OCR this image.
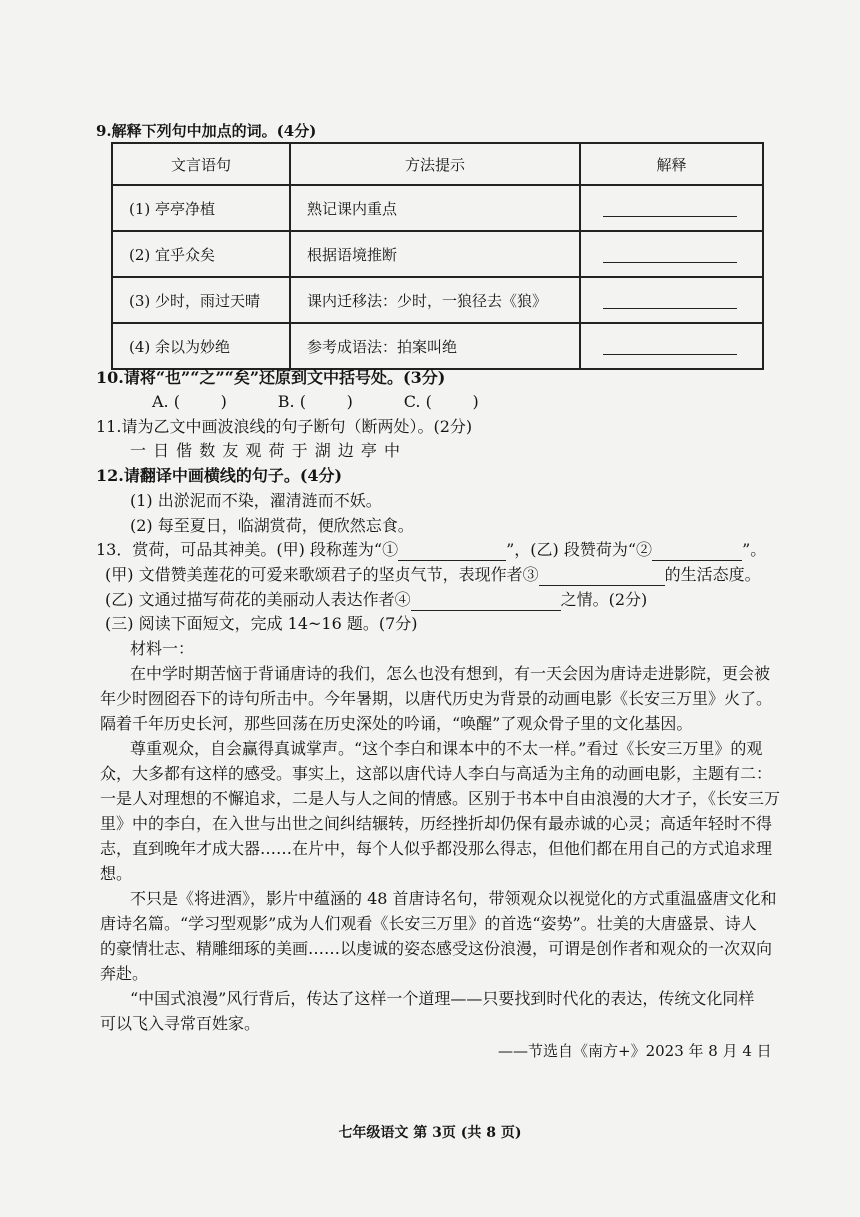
9.解释下列句中加点的词。(4分)
文言语句	方法提示	解释
(1) 亭亭净植	熟记课内重点	
(2) 宜乎众矣	根据语境推断	
(3) 少时，雨过天晴	课内迁移法：少时，一狼径去《狼》	
(4) 余以为妙绝	参考成语法：拍案叫绝	
10.请将“也”“之”“矣”还原到文中括号处。(3分)
A. (        )          B. (        )          C. (        )
11.请为乙文中画波浪线的句子断句（断两处）。(2分)
一 日 偕 数 友 观 荷 于 湖 边 亭 中
12.请翻译中画横线的句子。(4分)
(1) 出淤泥而不染，濯清涟而不妖。
(2) 每至夏日，临湖赏荷，便欣然忘食。
13．赏荷，可品其神美。(甲) 段称莲为“①	”，(乙) 段赞荷为“②	”。
(甲) 文借赞美莲花的可爱来歌颂君子的坚贞气节，表现作者③	的生活态度。
(乙) 文通过描写荷花的美丽动人表达作者④	之情。(2分)
(三) 阅读下面短文，完成 14~16 题。(7分)
材料一：
在中学时期苦恼于背诵唐诗的我们，怎么也没有想到，有一天会因为唐诗走进影院，更会被
年少时囫囵吞下的诗句所击中。今年暑期，以唐代历史为背景的动画电影《长安三万里》火了。
隔着千年历史长河，那些回荡在历史深处的吟诵，“唤醒”了观众骨子里的文化基因。
尊重观众，自会赢得真诚掌声。“这个李白和课本中的不太一样。”看过《长安三万里》的观
众，大多都有这样的感受。事实上，这部以唐代诗人李白与高适为主角的动画电影，主题有二：
一是人对理想的不懈追求，二是人与人之间的情感。区别于书本中自由浪漫的大才子，《长安三万
里》中的李白，在入世与出世之间纠结辗转，历经挫折却仍保有最赤诚的心灵；高适年轻时不得
志，直到晚年才成大器……在片中，每个人似乎都没那么得志，但他们都在用自己的方式追求理
想。
不只是《将进酒》，影片中蕴涵的 48 首唐诗名句，带领观众以视觉化的方式重温盛唐文化和
唐诗名篇。“学习型观影”成为人们观看《长安三万里》的首选“姿势”。壮美的大唐盛景、诗人
的豪情壮志、精雕细琢的美画……以虔诚的姿态感受这份浪漫，可谓是创作者和观众的一次双向
奔赴。
“中国式浪漫”风行背后，传达了这样一个道理——只要找到时代化的表达，传统文化同样
可以飞入寻常百姓家。
——节选自《南方+》2023 年 8 月 4 日
七年级语文 第 3页 (共 8 页)
